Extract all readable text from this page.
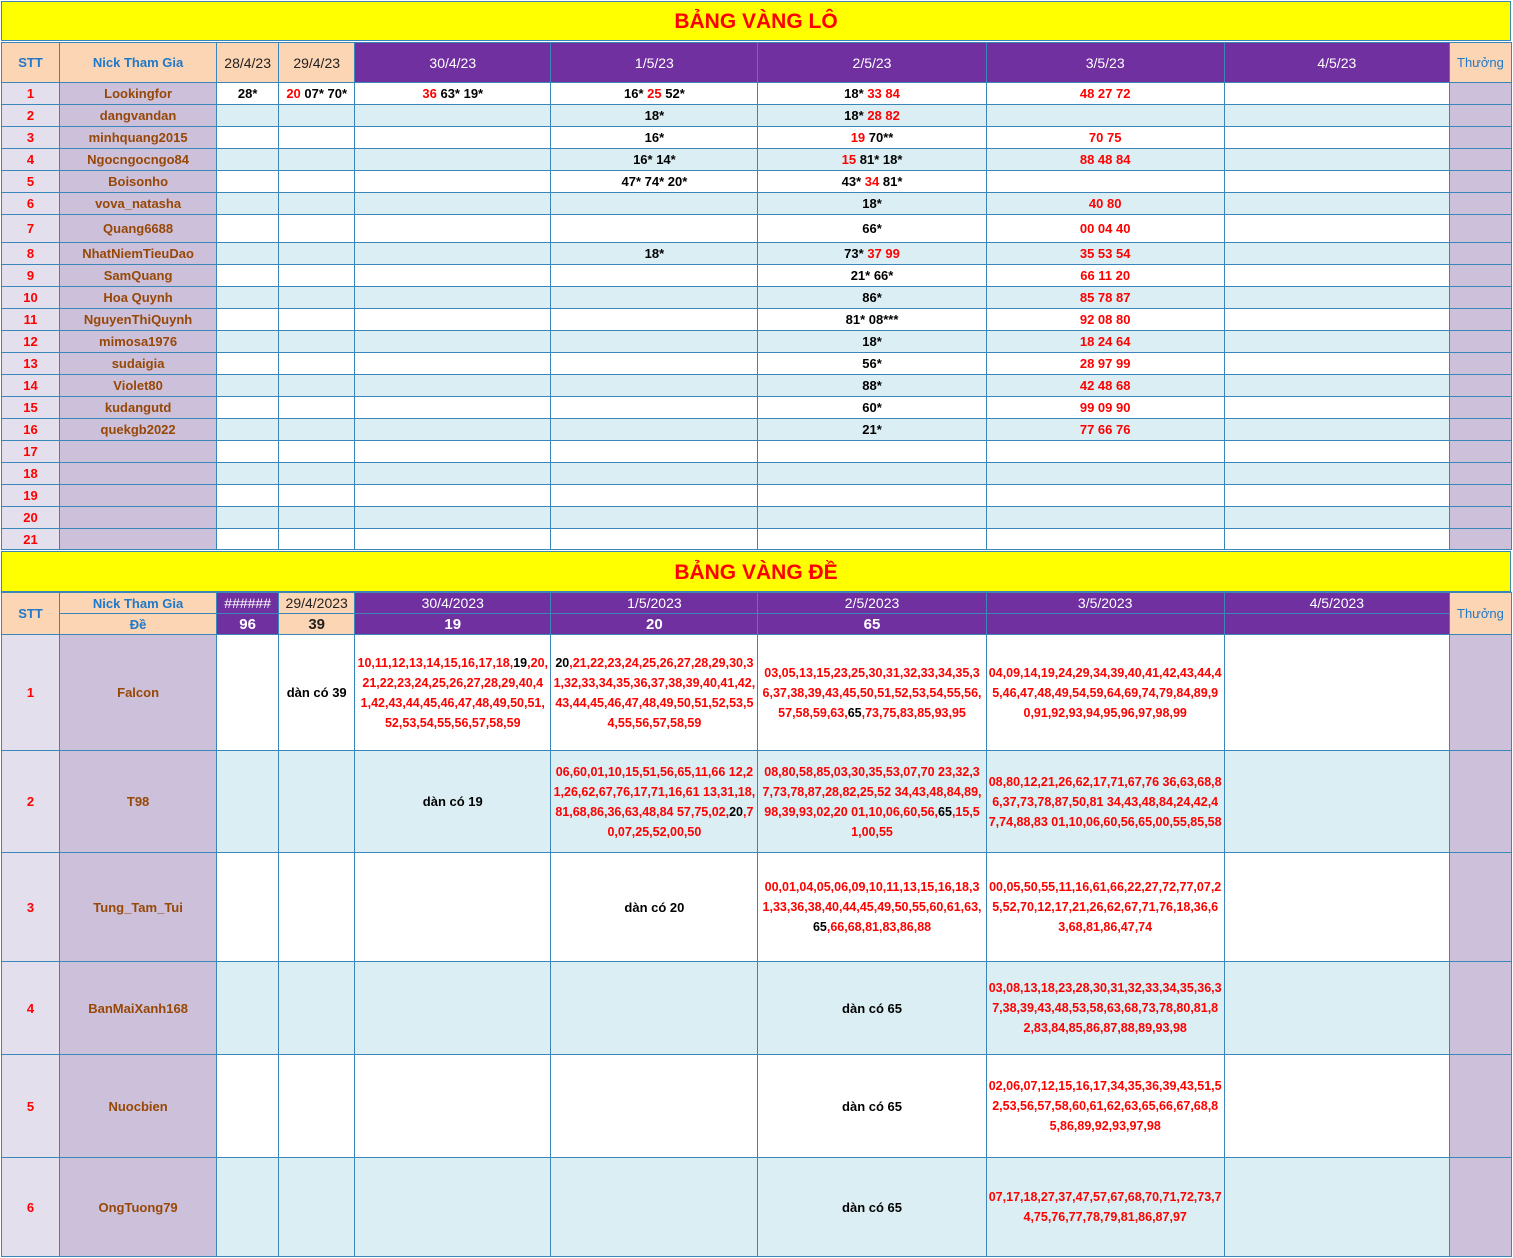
BẢNG VÀNG LÔ
STT	Nick Tham Gia	28/4/23	29/4/23	30/4/23	1/5/23	2/5/23	3/5/23	4/5/23	Thưởng
1	Lookingfor	28*	20 07* 70*	36 63* 19*	16* 25 52*	18* 33 84	48 27 72		
2	dangvandan				18*	18* 28 82			
3	minhquang2015				16*	19 70**	70 75		
4	Ngocngocngo84				16* 14*	15 81* 18*	88 48 84		
5	Boisonho				47* 74* 20*	43* 34 81*			
6	vova_natasha					18*	40 80		
7	Quang6688					66*	00 04 40		
8	NhatNiemTieuDao				18*	73* 37 99	35 53 54		
9	SamQuang					21* 66*	66 11 20		
10	Hoa Quynh					86*	85 78 87		
11	NguyenThiQuynh					81* 08***	92 08 80		
12	mimosa1976					18*	18 24 64		
13	sudaigia					56*	28 97 99		
14	Violet80					88*	42 48 68		
15	kudangutd					60*	99 09 90		
16	quekgb2022					21*	77 66 76		
17									
18									
19									
20									
21									
BẢNG VÀNG ĐỀ
STT	Nick Tham Gia	######	29/4/2023	30/4/2023	1/5/2023	2/5/2023	3/5/2023	4/5/2023	Thưởng
	Đề	96	39	19	20	65			
1	Falcon		dàn có 39	10,11,12,13,14,15,16,17,18,19,20,21,22,23,24,25,26,27,28,29,40,41,42,43,44,45,46,47,48,49,50,51,52,53,54,55,56,57,58,59	20,21,22,23,24,25,26,27,28,29,30,31,32,33,34,35,36,37,38,39,40,41,42,43,44,45,46,47,48,49,50,51,52,53,54,55,56,57,58,59	03,05,13,15,23,25,30,31,32,33,34,35,36,37,38,39,43,45,50,51,52,53,54,55,56,57,58,59,63,65,73,75,83,85,93,95	04,09,14,19,24,29,34,39,40,41,42,43,44,45,46,47,48,49,54,59,64,69,74,79,84,89,90,91,92,93,94,95,96,97,98,99		
2	T98			dàn có 19	06,60,01,10,15,51,56,65,11,66 12,21,26,62,67,76,17,71,16,61 13,31,18,81,68,86,36,63,48,84 57,75,02,20,70,07,25,52,00,50	08,80,58,85,03,30,35,53,07,70 23,32,37,73,78,87,28,82,25,52 34,43,48,84,89,98,39,93,02,20 01,10,06,60,56,65,15,51,00,55	08,80,12,21,26,62,17,71,67,76 36,63,68,86,37,73,78,87,50,81 34,43,48,84,24,42,47,74,88,83 01,10,06,60,56,65,00,55,85,58		
3	Tung_Tam_Tui				dàn có 20	00,01,04,05,06,09,10,11,13,15,16,18,31,33,36,38,40,44,45,49,50,55,60,61,63,65,66,68,81,83,86,88	00,05,50,55,11,16,61,66,22,27,72,77,07,25,52,70,12,17,21,26,62,67,71,76,18,36,63,68,81,86,47,74		
4	BanMaiXanh168					dàn có 65	03,08,13,18,23,28,30,31,32,33,34,35,36,37,38,39,43,48,53,58,63,68,73,78,80,81,82,83,84,85,86,87,88,89,93,98		
5	Nuocbien					dàn có 65	02,06,07,12,15,16,17,34,35,36,39,43,51,52,53,56,57,58,60,61,62,63,65,66,67,68,85,86,89,92,93,97,98		
6	OngTuong79					dàn có 65	07,17,18,27,37,47,57,67,68,70,71,72,73,74,75,76,77,78,79,81,86,87,97		
